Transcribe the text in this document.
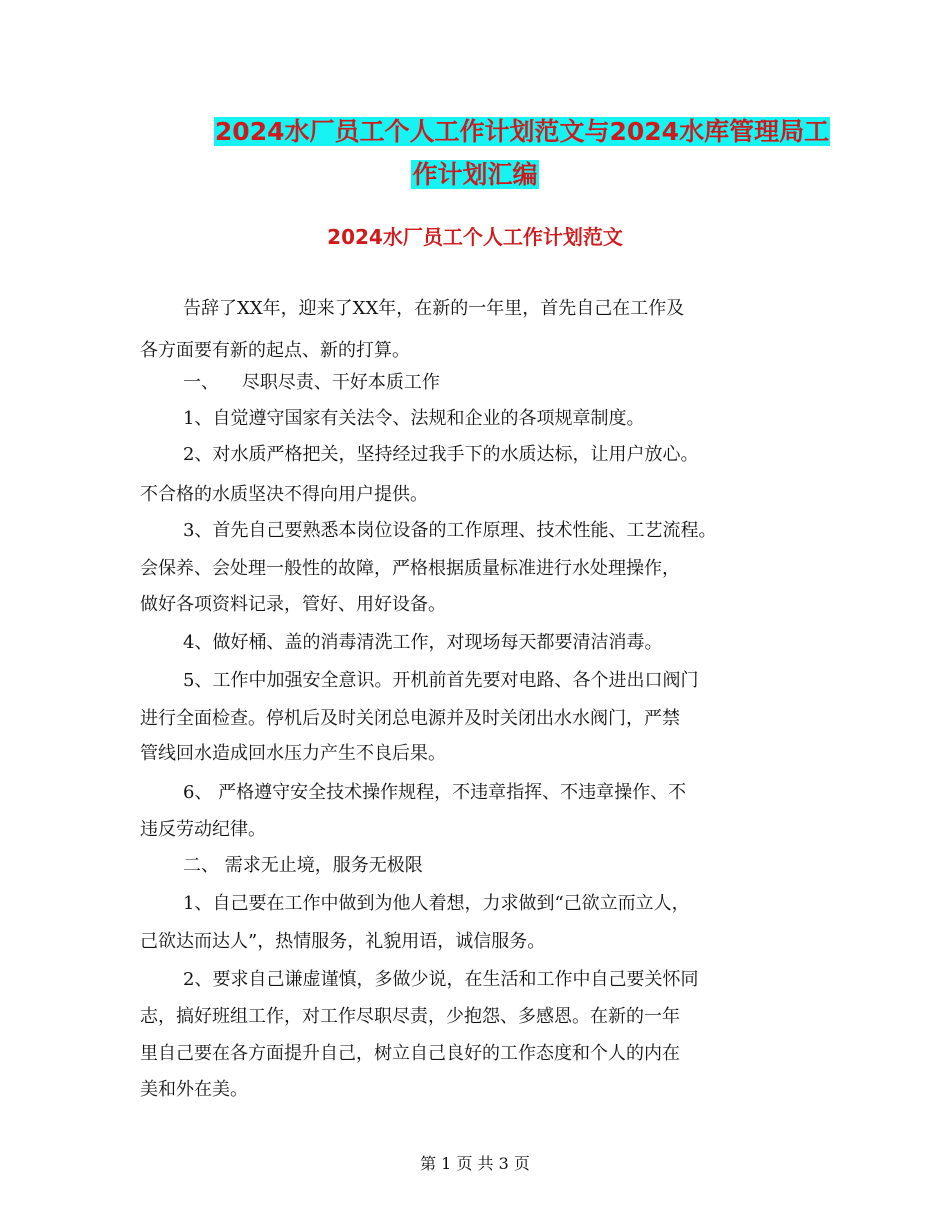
2024水厂员工个人工作计划范文与2024水库管理局工
作计划汇编
2024水厂员工个人工作计划范文
告辞了XX年，迎来了XX年，在新的一年里，首先自己在工作及
各方面要有新的起点、新的打算。
一、    尽职尽责、干好本质工作
1、自觉遵守国家有关法令、法规和企业的各项规章制度。
2、对水质严格把关，坚持经过我手下的水质达标，让用户放心。
不合格的水质坚决不得向用户提供。
3、首先自己要熟悉本岗位设备的工作原理、技术性能、工艺流程。
会保养、会处理一般性的故障，严格根据质量标准进行水处理操作，
做好各项资料记录，管好、用好设备。
4、做好桶、盖的消毒清洗工作，对现场每天都要清洁消毒。
5、工作中加强安全意识。开机前首先要对电路、各个进出口阀门
进行全面检查。停机后及时关闭总电源并及时关闭出水水阀门，严禁
管线回水造成回水压力产生不良后果。
6、 严格遵守安全技术操作规程，不违章指挥、不违章操作、不
违反劳动纪律。
二、 需求无止境，服务无极限
1、自己要在工作中做到为他人着想，力求做到“己欲立而立人，
己欲达而达人”，热情服务，礼貌用语，诚信服务。
2、要求自己谦虚谨慎，多做少说，在生活和工作中自己要关怀同
志，搞好班组工作，对工作尽职尽责，少抱怨、多感恩。在新的一年
里自己要在各方面提升自己，树立自己良好的工作态度和个人的内在
美和外在美。
第 1 页 共 3 页
